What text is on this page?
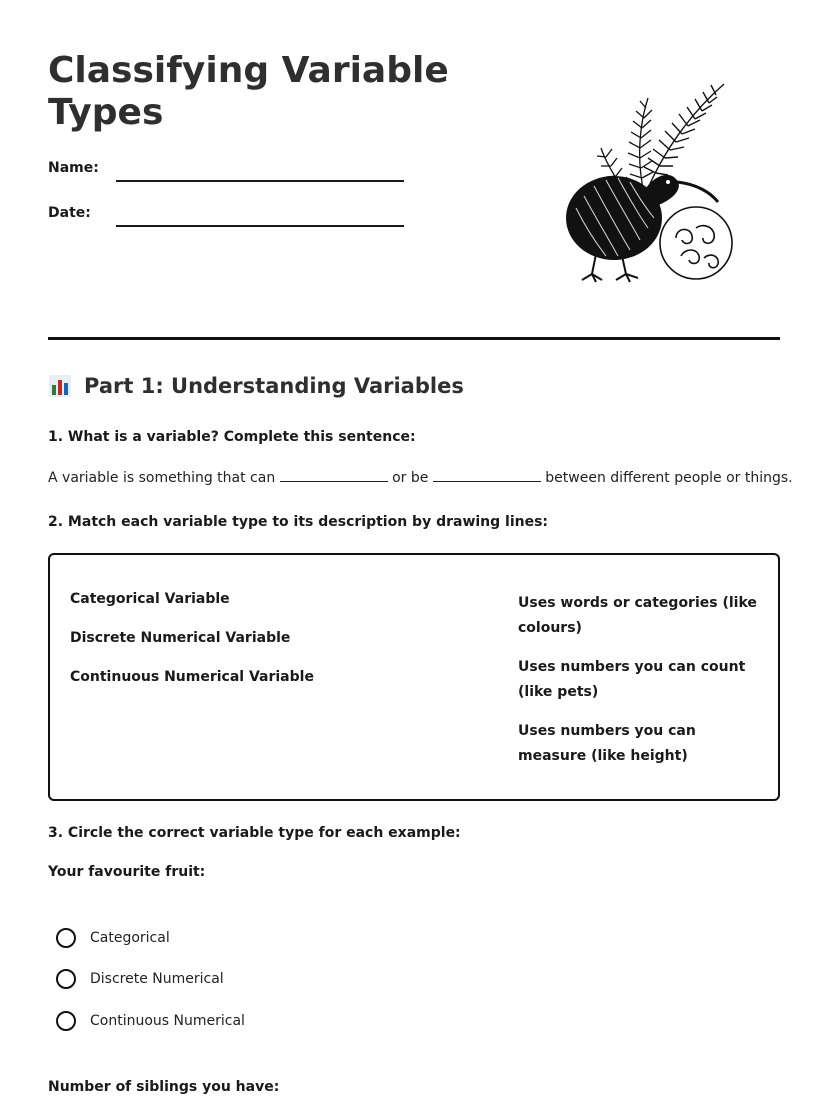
Classifying Variable Types
Name:
Date:
Part 1: Understanding Variables

1. What is a variable? Complete this sentence:

A variable is something that can	or be	between different people or things.

2. Match each variable type to its description by drawing lines:

Categorical Variable
Discrete Numerical Variable
Continuous Numerical Variable
Uses words or categories (like colours)
Uses numbers you can count (like pets)
Uses numbers you can measure (like height)

3. Circle the correct variable type for each example:

Your favourite fruit:

Categorical
Discrete Numerical
Continuous Numerical

Number of siblings you have:
